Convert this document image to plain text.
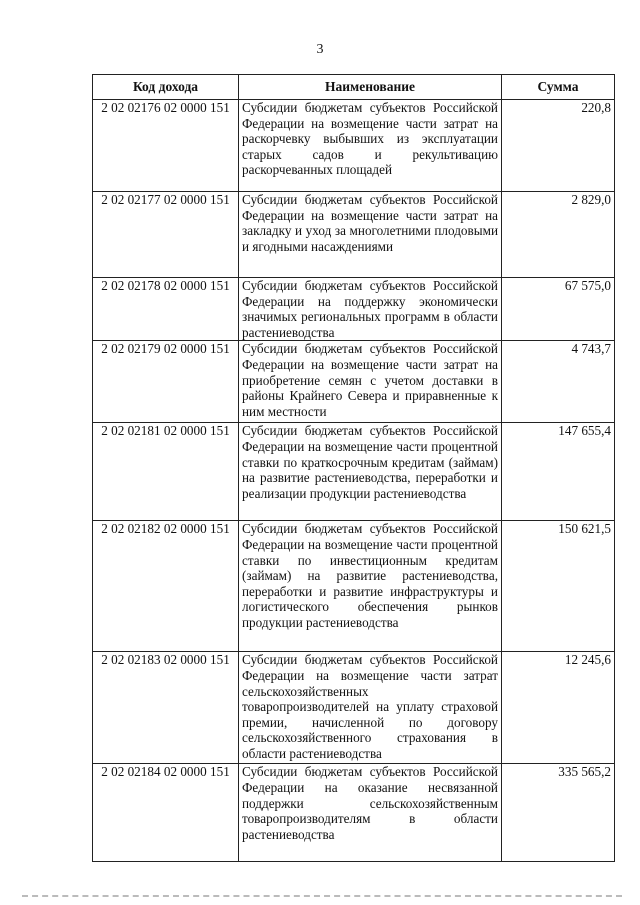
3
Код дохода	Наименование	Сумма
2 02 02176 02 0000 151	Субсидии бюджетам субъектов Российской Федерации на возмещение части затрат на раскорчевку выбывших из эксплуатации старых садов и рекультивацию раскорчеванных площадей	220,8
2 02 02177 02 0000 151	Субсидии бюджетам субъектов Российской Федерации на возмещение части затрат на закладку и уход за многолетними плодовыми и ягодными насаждениями	2 829,0
2 02 02178 02 0000 151	Субсидии бюджетам субъектов Российской Федерации на поддержку экономически значимых региональных программ в области растениеводства	67 575,0
2 02 02179 02 0000 151	Субсидии бюджетам субъектов Российской Федерации на возмещение части затрат на приобретение семян с учетом доставки в районы Крайнего Севера и приравненные к ним местности	4 743,7
2 02 02181 02 0000 151	Субсидии бюджетам субъектов Российской Федерации на возмещение части процентной ставки по краткосрочным кредитам (займам) на развитие растениеводства, переработки и реализации продукции растениеводства	147 655,4
2 02 02182 02 0000 151	Субсидии бюджетам субъектов Российской Федерации на возмещение части процентной ставки по инвестиционным кредитам (займам) на развитие растениеводства, переработки и развитие инфраструктуры и логистического обеспечения рынков продукции растениеводства	150 621,5
2 02 02183 02 0000 151	Субсидии бюджетам субъектов Российской Федерации на возмещение части затрат сельскохозяйственных товаропроизводителей на уплату страховой премии, начисленной по договору сельскохозяйственного страхования в области растениеводства	12 245,6
2 02 02184 02 0000 151	Субсидии бюджетам субъектов Российской Федерации на оказание несвязанной поддержки сельскохозяйственным товаропроизводителям в области растениеводства	335 565,2
